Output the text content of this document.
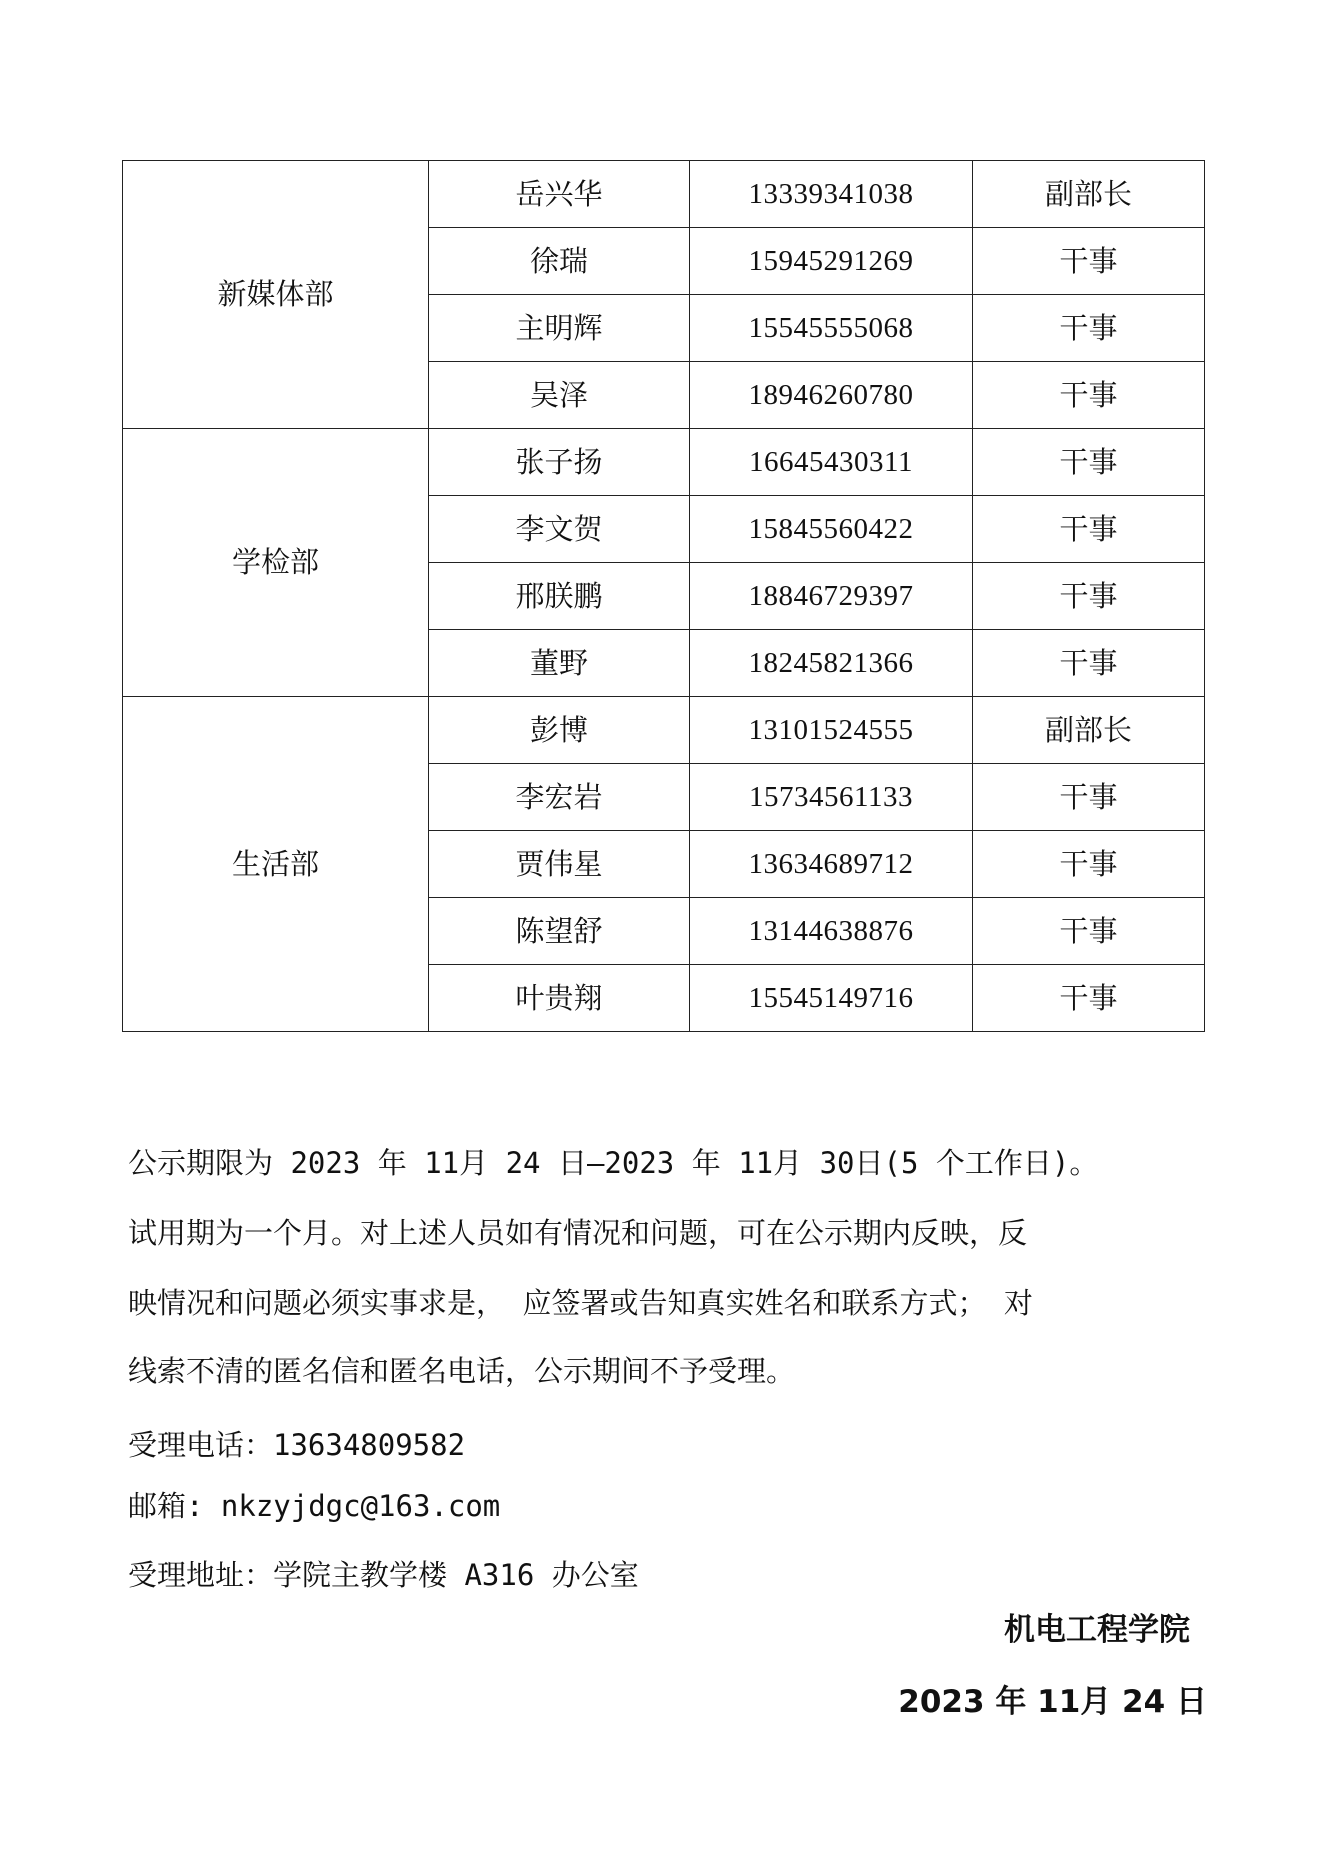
新媒体部	岳兴华	13339341038	副部长
	徐瑞	15945291269	干事
	主明辉	15545555068	干事
	吴泽	18946260780	干事
学检部	张子扬	16645430311	干事
	李文贺	15845560422	干事
	邢朕鹏	18846729397	干事
	董野	18245821366	干事
生活部	彭博	13101524555	副部长
	李宏岩	15734561133	干事
	贾伟星	13634689712	干事
	陈望舒	13144638876	干事
	叶贵翔	15545149716	干事
公示期限为 2023 年 11月 24 日—2023 年 11月 30日(5 个工作日)。
试用期为一个月。对上述人员如有情况和问题，可在公示期内反映，反
映情况和问题必须实事求是， 应签署或告知真实姓名和联系方式； 对
线索不清的匿名信和匿名电话，公示期间不予受理。
受理电话：13634809582
邮箱: nkzyjdgc@163.com
受理地址：学院主教学楼 A316 办公室
机电工程学院
2023 年 11月 24 日
